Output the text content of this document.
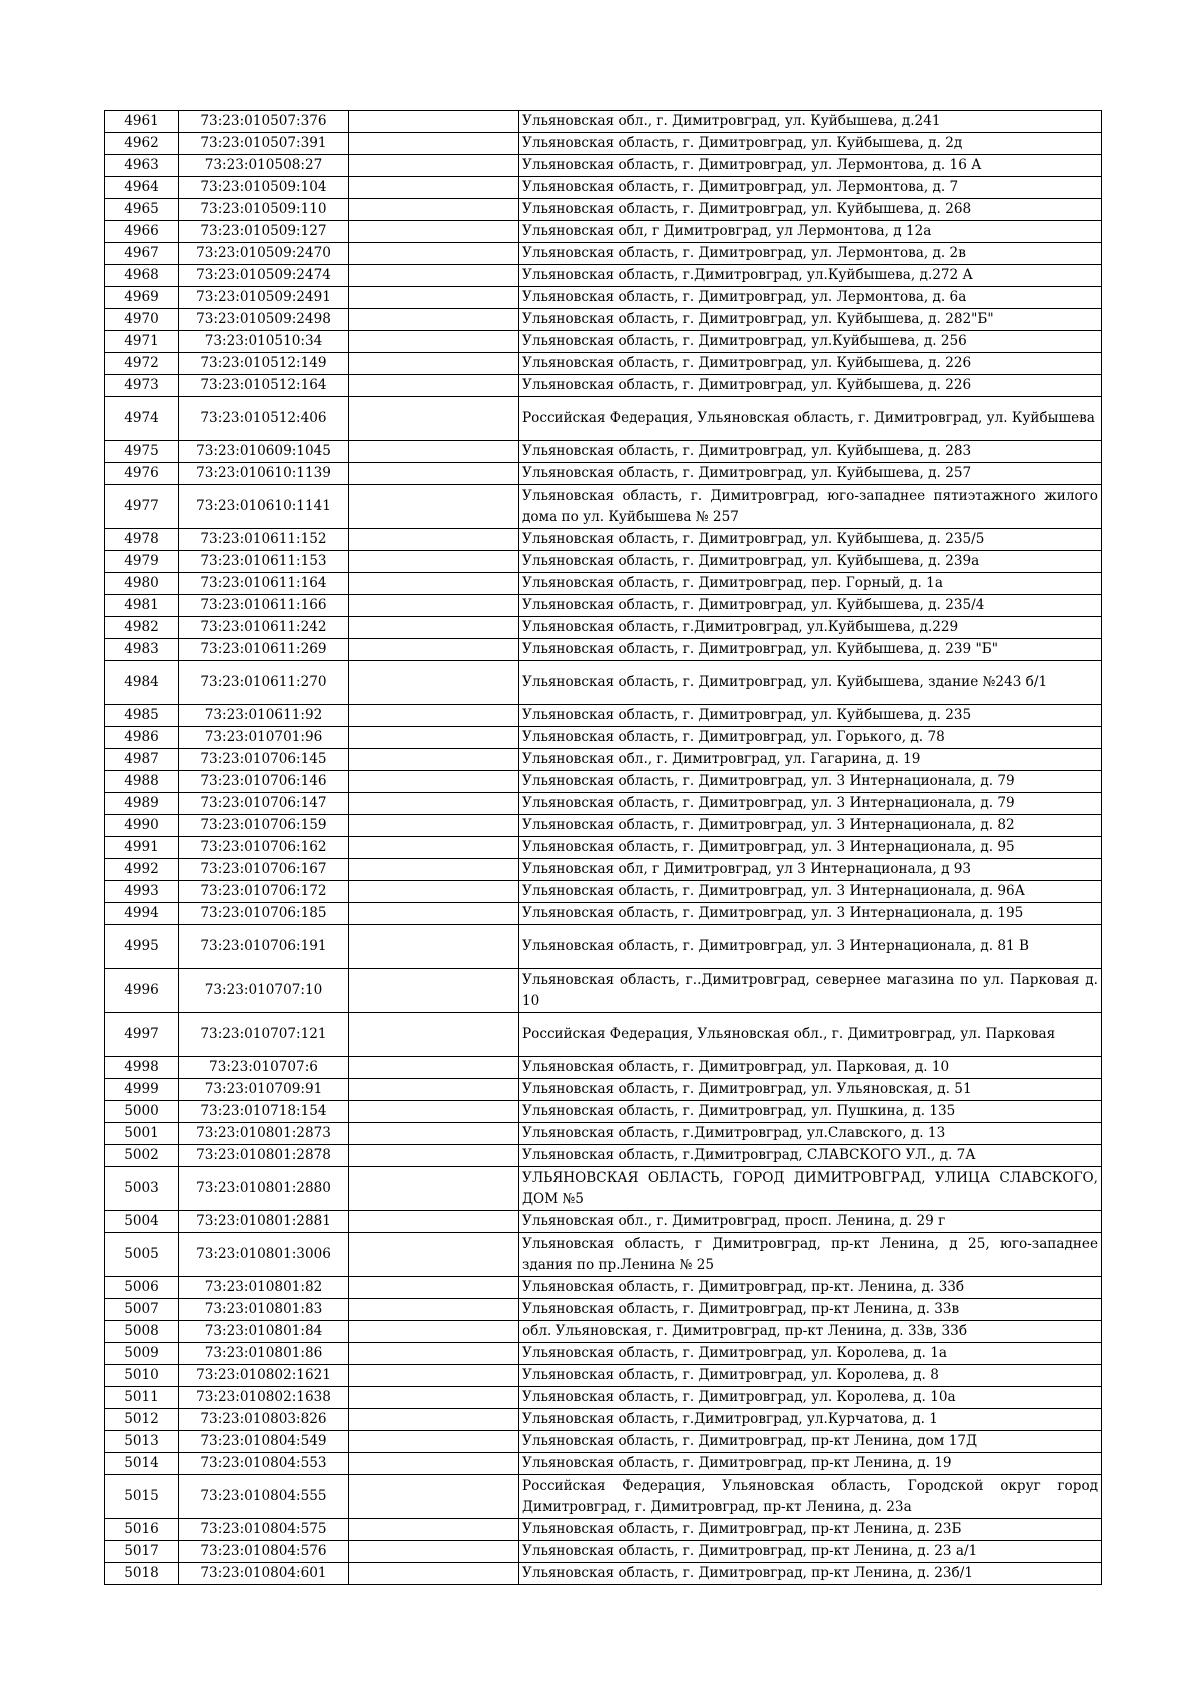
4961	73:23:010507:376		Ульяновская обл., г. Димитровград, ул. Куйбышева, д.241
4962	73:23:010507:391		Ульяновская область, г. Димитровград, ул. Куйбышева, д. 2д
4963	73:23:010508:27		Ульяновская область, г. Димитровград, ул. Лермонтова, д. 16 А
4964	73:23:010509:104		Ульяновская область, г. Димитровград, ул. Лермонтова, д. 7
4965	73:23:010509:110		Ульяновская область, г. Димитровград, ул. Куйбышева, д. 268
4966	73:23:010509:127		Ульяновская обл, г Димитровград, ул Лермонтова, д 12а
4967	73:23:010509:2470		Ульяновская область, г. Димитровград, ул. Лермонтова, д. 2в
4968	73:23:010509:2474		Ульяновская область, г.Димитровград, ул.Куйбышева, д.272 А
4969	73:23:010509:2491		Ульяновская область, г. Димитровград, ул. Лермонтова, д. 6а
4970	73:23:010509:2498		Ульяновская область, г. Димитровград, ул. Куйбышева, д. 282"Б"
4971	73:23:010510:34		Ульяновская область, г. Димитровград, ул.Куйбышева, д. 256
4972	73:23:010512:149		Ульяновская область, г. Димитровград, ул. Куйбышева, д. 226
4973	73:23:010512:164		Ульяновская область, г. Димитровград, ул. Куйбышева, д. 226
4974	73:23:010512:406		Российская Федерация, Ульяновская область, г. Димитровград, ул. Куйбышева
4975	73:23:010609:1045		Ульяновская область, г. Димитровград, ул. Куйбышева, д. 283
4976	73:23:010610:1139		Ульяновская область, г. Димитровград, ул. Куйбышева, д. 257
4977	73:23:010610:1141		Ульяновская область, г. Димитровград, юго-западнее пятиэтажного жилого дома по ул. Куйбышева № 257
4978	73:23:010611:152		Ульяновская область, г. Димитровград, ул. Куйбышева, д. 235/5
4979	73:23:010611:153		Ульяновская область, г. Димитровград, ул. Куйбышева, д. 239а
4980	73:23:010611:164		Ульяновская область, г. Димитровград, пер. Горный, д. 1а
4981	73:23:010611:166		Ульяновская область, г. Димитровград, ул. Куйбышева, д. 235/4
4982	73:23:010611:242		Ульяновская область, г.Димитровград, ул.Куйбышева, д.229
4983	73:23:010611:269		Ульяновская область, г. Димитровград, ул. Куйбышева, д. 239 "Б"
4984	73:23:010611:270		Ульяновская область, г. Димитровград, ул. Куйбышева, здание №243 б/1
4985	73:23:010611:92		Ульяновская область, г. Димитровград, ул. Куйбышева, д. 235
4986	73:23:010701:96		Ульяновская область, г. Димитровград, ул. Горького, д. 78
4987	73:23:010706:145		Ульяновская обл., г. Димитровград, ул. Гагарина, д. 19
4988	73:23:010706:146		Ульяновская область, г. Димитровград, ул. 3 Интернационала, д. 79
4989	73:23:010706:147		Ульяновская область, г. Димитровград, ул. 3 Интернационала, д. 79
4990	73:23:010706:159		Ульяновская область, г. Димитровград, ул. 3 Интернационала, д. 82
4991	73:23:010706:162		Ульяновская область, г. Димитровград, ул. 3 Интернационала, д. 95
4992	73:23:010706:167		Ульяновская обл, г Димитровград, ул 3 Интернационала, д 93
4993	73:23:010706:172		Ульяновская область, г. Димитровград, ул. 3 Интернационала, д. 96А
4994	73:23:010706:185		Ульяновская область, г. Димитровград, ул. 3 Интернационала, д. 195
4995	73:23:010706:191		Ульяновская область, г. Димитровград, ул. 3 Интернационала, д. 81 В
4996	73:23:010707:10		Ульяновская область, г..Димитровград, севернее магазина по ул. Парковая д. 10
4997	73:23:010707:121		Российская Федерация, Ульяновская обл., г. Димитровград, ул. Парковая
4998	73:23:010707:6		Ульяновская область, г. Димитровград, ул. Парковая, д. 10
4999	73:23:010709:91		Ульяновская область, г. Димитровград, ул. Ульяновская, д. 51
5000	73:23:010718:154		Ульяновская область, г. Димитровград, ул. Пушкина, д. 135
5001	73:23:010801:2873		Ульяновская область, г.Димитровград, ул.Славского, д. 13
5002	73:23:010801:2878		Ульяновская область, г.Димитровград, СЛАВСКОГО УЛ., д. 7А
5003	73:23:010801:2880		УЛЬЯНОВСКАЯ ОБЛАСТЬ, ГОРОД ДИМИТРОВГРАД, УЛИЦА СЛАВСКОГО, ДОМ №5
5004	73:23:010801:2881		Ульяновская обл., г. Димитровград, просп. Ленина, д. 29 г
5005	73:23:010801:3006		Ульяновская область, г Димитровград, пр-кт Ленина, д 25, юго-западнее здания по пр.Ленина № 25
5006	73:23:010801:82		Ульяновская область, г. Димитровград, пр-кт. Ленина, д. 33б
5007	73:23:010801:83		Ульяновская область, г. Димитровград, пр-кт Ленина, д. 33в
5008	73:23:010801:84		обл. Ульяновская, г. Димитровград, пр-кт Ленина, д. 33в, 33б
5009	73:23:010801:86		Ульяновская область, г. Димитровград, ул. Королева, д. 1а
5010	73:23:010802:1621		Ульяновская область, г. Димитровград, ул. Королева, д. 8
5011	73:23:010802:1638		Ульяновская область, г. Димитровград, ул. Королева, д. 10а
5012	73:23:010803:826		Ульяновская область, г.Димитровград, ул.Курчатова, д. 1
5013	73:23:010804:549		Ульяновская область, г. Димитровград, пр-кт Ленина, дом 17Д
5014	73:23:010804:553		Ульяновская область, г. Димитровград, пр-кт Ленина, д. 19
5015	73:23:010804:555		Российская Федерация, Ульяновская область, Городской округ город Димитровград, г. Димитровград, пр-кт Ленина, д. 23а
5016	73:23:010804:575		Ульяновская область, г. Димитровград, пр-кт Ленина, д. 23Б
5017	73:23:010804:576		Ульяновская область, г. Димитровград, пр-кт Ленина, д. 23 а/1
5018	73:23:010804:601		Ульяновская область, г. Димитровград, пр-кт Ленина, д. 23б/1
